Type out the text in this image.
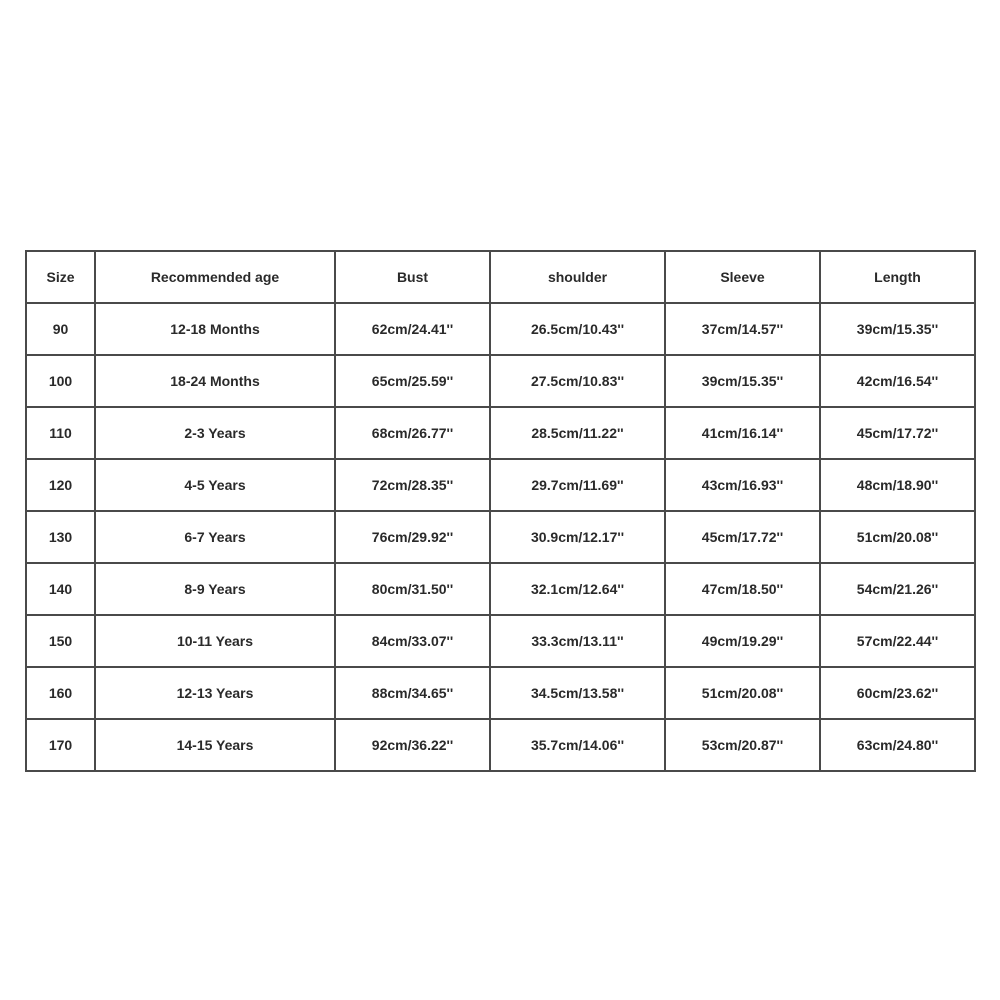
Size	Recommended age	Bust	shoulder	Sleeve	Length
90	12-18 Months	62cm/24.41''	26.5cm/10.43''	37cm/14.57''	39cm/15.35''
100	18-24 Months	65cm/25.59''	27.5cm/10.83''	39cm/15.35''	42cm/16.54''
110	2-3 Years	68cm/26.77''	28.5cm/11.22''	41cm/16.14''	45cm/17.72''
120	4-5 Years	72cm/28.35''	29.7cm/11.69''	43cm/16.93''	48cm/18.90''
130	6-7 Years	76cm/29.92''	30.9cm/12.17''	45cm/17.72''	51cm/20.08''
140	8-9 Years	80cm/31.50''	32.1cm/12.64''	47cm/18.50''	54cm/21.26''
150	10-11 Years	84cm/33.07''	33.3cm/13.11''	49cm/19.29''	57cm/22.44''
160	12-13 Years	88cm/34.65''	34.5cm/13.58''	51cm/20.08''	60cm/23.62''
170	14-15 Years	92cm/36.22''	35.7cm/14.06''	53cm/20.87''	63cm/24.80''
